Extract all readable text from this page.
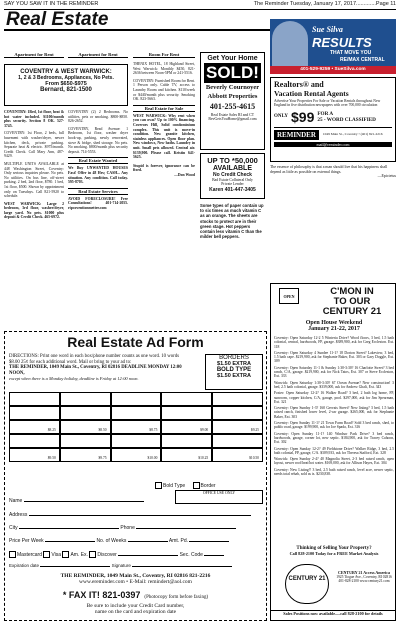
SAY YOU SAW IT IN THE REMINDER	The Reminder Tuesday, January 17, 2017.............Page 11
Real Estate
Apartment for Rent	Apartment for Rent	Room For Rent
COVENTRY & WEST WARWICK:
1, 2 & 3 Bedrooms, Appliances, No Pets.
From $650-$975
Bernard, 821-1500

COVENTRY: 1Bed, 1st floor, heat & hot water included. $1100/month plus security. Section 8 OK. 527-3745.

COVENTRY: 1st Floor, 2 beds, full basement with washer/dryer, newer kitchen, deck, private parking. Separate heat & electric. $975/month. Credit Check. Call Mary Ann, 487-9429.

MULTIPLE UNITS AVAILABLE at 448 Washington Street, Coventry: Only serious inquiries please. No pets. No utilities. On bus line, off-street parking. 2 bed, 2nd floor, $780. 1 bed, 1st floor, $500. Shown by appointment only on Tuesdays. Call 821-5920 to schedule.

WEST WARWICK: Large 2 bedroom, 3rd floor, washer/dryer, large yard. No pets. $1000 plus deposit & Credit Check. 465-6972.

COVENTRY (2) 2 Bedrooms. No utilities, pets or smoking. $800-$850. 826-2652.

COVENTRY, Read Avenue: 1 Bedroom, 1st floor, washer dryer hook-up, parking, newly renovated, stove & fridge, shed storage. No pets. No smoking. $800/month plus security deposit. 714-5553.

Real Estate Wanted

We Buy UNWANTED HOUSES Fast! Offer in 48 Hrs; CASH... Any situation. Any condition. Call today. 595-8703.

Real Estate Services

AVOID FORECLOSURE! Free Consultations! 401-714-2055. ripcoventionmetter.com

THENIX HOTEL, 18 Highland Street, West Warwick: Monthly $450, 821-2636 between Noon-5PM or 241-5516.

COVENTRY: Furnished Room for Rent. 1 Person only. Cable TV, access to Laundry Room and kitchen. $110/week or $440/month plus security. Smoking OK. 823-5663.

Real Estate for Sale

WEST WARWICK: Why rent when you can own? Up to 100% financing. Coverors Hill, Solid condominium complex. This unit is move-in condition. New granite kitchen, stainless appliances. Open floor plan. New windows, New baths. Laundry in unit. Small pets allowed. Central air. $139,900. Please call. Kristin 641-5625.

Stupid is forever, ignorance can be fixed.

—Don Wood
Get Your Home
SOLD!
Beverly Cournoyer
Abbott Properties
401-255-4615
Real Estate Sales RI and CT
BevGetsYouHome@gmail.com
UP TO *50,000
AVAILABLE
No Credit Check
Bad Estate Collateral Only
Private Lender
Karen 401-447-3405

Some types of paper contain up to six times as much vitamin C as an orange. The sheets are stocks to protect are in their green stage. Hot peppers contain less vitamin C than the milder bell peppers.

Sue Silva
RESULTS
THAT MOVE YOU
RE/MAX CENTRAL
401-529-9259 • SueSilva.com
Realtors® and
Vacation Rental Agents
Advertise Your Properties For Sale or Vacation Rentals throughout New England in five distribution newspapers with over 700,000 circulation
ONLY $99 FOR A
25 - WORD CLASSIFIED
REMINDER	1049 Main St., Coventry • (401) 821-2216
mail@reminder.com

The essence of philosophy is that a man should live that his happiness shall depend as little as possible on external things.

—Epictetus
OPEN	C'MON IN
TO OUR
CENTURY 21
Open House Weekend
January 21-22, 2017

Coventry: Open Saturday 12-2 5 Winteria Drive? Wood floors, 3 bed, 1.5 bath colonial, central, hardwoods, FP, garage. $389,900, ask for Greg Eccleston. Ext. 118

Coventry: Open Saturday 4 Sundee 11-1? 18 Dorton Street? Lakeview, 3 bed, 1.5 bath cape. $219,900, ask for Stephanie Baker, Ext. 303 or Gary Doggle, Ext. 309

Coventry: Open Saturday 11-1 & Sunday 1:30-3:30? 16 Charlotte Street? 3 bed ranch, C/A, garage. $219,900, ask for Nick Tatos, Ext. 307 or Steve Eccleston, Ext. 333

Warwick: Open Saturday 1:30-3:30? 67 Ocean Avenue? New construction! 3 bed, 2.5 bath colonial, garage. $339,000, ask for Andrew Ghali, Ext. 343

Foster: Open Saturday 12-2? 16 Walker Road? 3 bed, 2 bath log home, FP, sunroom, copper kitchen, C/A, garage, pool. $297,000, ask for Jim Spearman, Ext. 321

Coventry: Open Sunday 1-3? 160 Gervais Street? New listing? 3 bed, 1.5 bath raised ranch, finished lower level, 2-car garage. $265,000, ask for Stephanie Baker, Ext. 303

Coventry: Open Sunday 11-1? 21 Town Farm Road? Sold 3 bed ranch, shed, to public road, garage. $199,900, ask for Joe Spada, Ext. 316

Coventry: Open Sunday 11-1? 140 Windsor Park Drive? 3 bed ranch, hardwoods, garage, corner lot, new septic. $184,900, ask for Tracey Cahoon, Ext. 302

Coventry: Open Sunday 12-2? 49 Fieldstone Drive? Walker Ridge, 3 bed, 2.5 bath colonial, FP, garage, C/A. $309,933, ask for Theresa Stafford, Ext. 328

Warwick: Open Sunday 2-4? 40 Magnolia Street, 2-3 bed raised ranch, open layout, newer roof/heat/hot water. $169,000, ask for Allison Hayes, Ext. 304

Coventry: New Listing!! 3 bed, 2.5 bath raised ranch, level acre, newer septic, needs total rehab, sold as is. $230,838.

Thinking of Selling Your Property?
Call 828-2100 Today for a FREE Market Analysis
CENTURY 21
CENTURY 21 Access America
1925 Tiogue Ave., Coventry, RI 02816 401-828-2100 www.century21.com
Sales Positions now available.....call 828-2100 for details
Real Estate Ad Form
DIRECTIONS: Print one word in each box/phone number counts as one word. 10 words $8.00 25¢ for each additional word. Mail or bring to your ad to:
THE REMINDER, 1049 Main St., Coventry, RI 02816 DEADLINE MONDAY 12:00 NOON,
except when there is a Monday holiday, deadline is Friday at 12:00 noon.
BORDERS
$1.50 EXTRA
BOLD TYPE
$1.50 EXTRA
$8.25	$8.50	$8.75	$9.00	$9.25
$9.50	$9.75	$10.00	$10.25	$10.50
Bold Type	Border
OFFICE USE ONLY
Name
Address
City	Phone
Price Per Week	No. of Weeks	Amt. Pd.
Mastercard Visa Am. Ex. Discover	Sec. Code
Expiration date	Signature
THE REMINDER, 1049 Main St., Coventry, RI 02816 821-2216
www.ereminder.com • E-Mail: remindert@aol.com
* FAX IT! 821-0397 (Photocopy form before faxing)
Be sure to include your Credit Card number,
name on the card and expiration date
